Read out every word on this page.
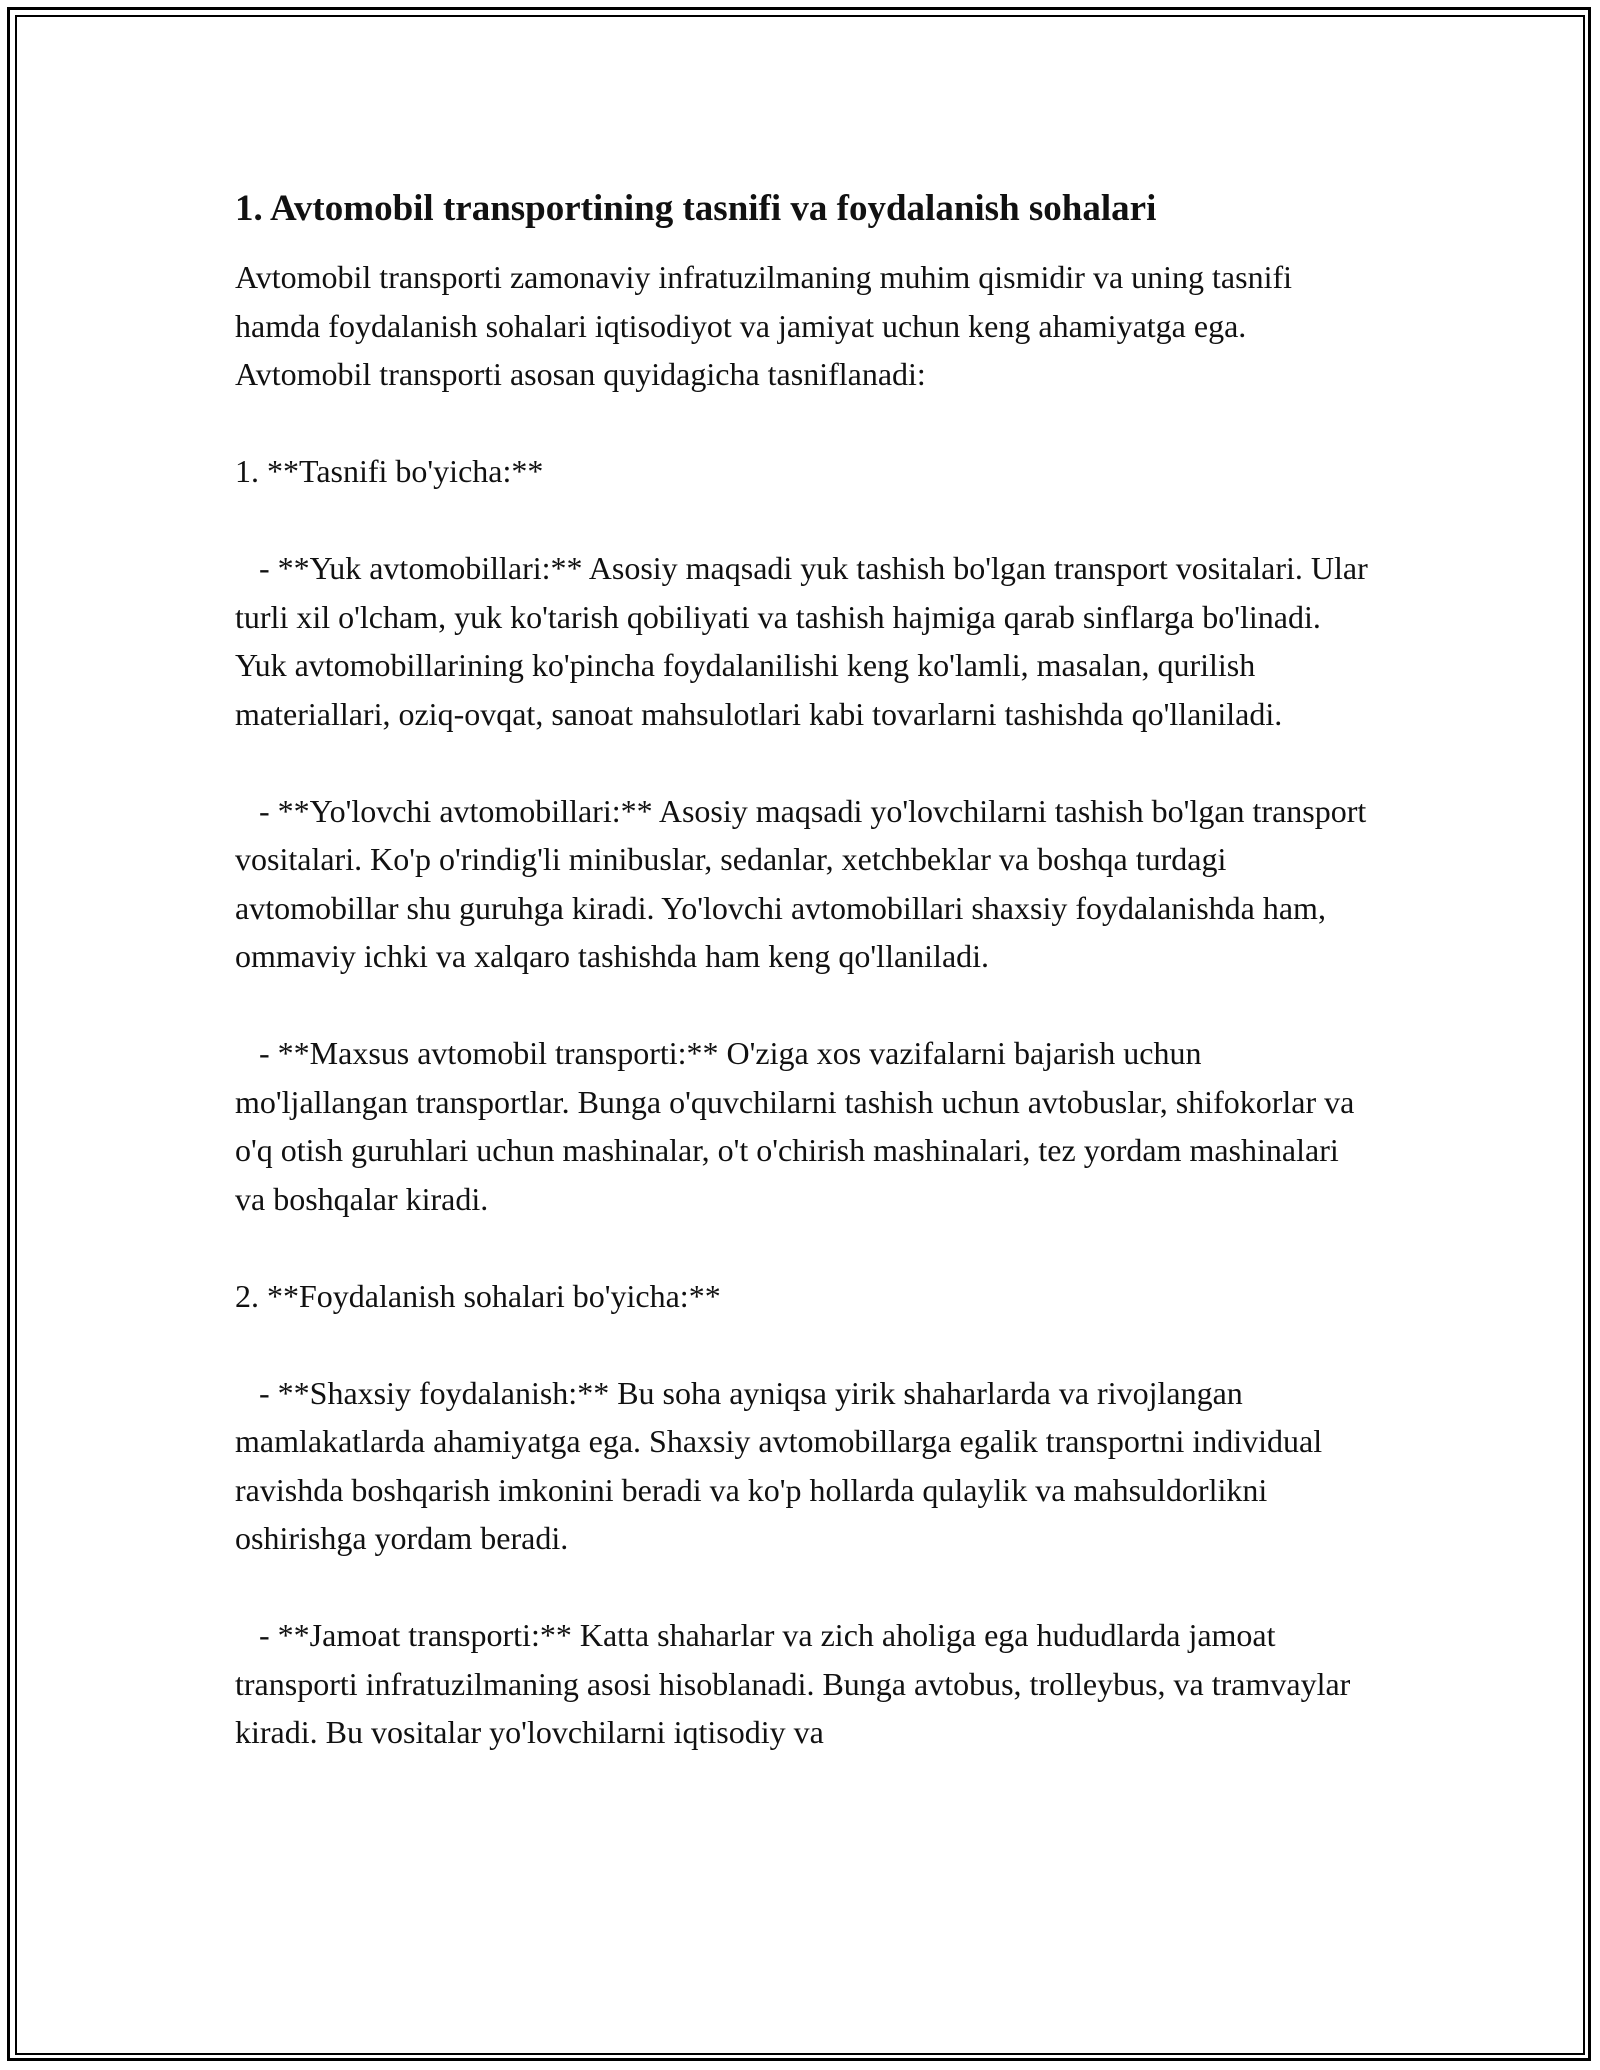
1. Avtomobil transportining tasnifi va foydalanish sohalari

Avtomobil transporti zamonaviy infratuzilmaning muhim qismidir va uning tasnifi hamda foydalanish sohalari iqtisodiyot va jamiyat uchun keng ahamiyatga ega. Avtomobil transporti asosan quyidagicha tasniflanadi:

1. **Tasnifi bo'yicha:**

- **Yuk avtomobillari:** Asosiy maqsadi yuk tashish bo'lgan transport vositalari. Ular turli xil o'lcham, yuk ko'tarish qobiliyati va tashish hajmiga qarab sinflarga bo'linadi. Yuk avtomobillarining ko'pincha foydalanilishi keng ko'lamli, masalan, qurilish materiallari, oziq-ovqat, sanoat mahsulotlari kabi tovarlarni tashishda qo'llaniladi.

- **Yo'lovchi avtomobillari:** Asosiy maqsadi yo'lovchilarni tashish bo'lgan transport vositalari. Ko'p o'rindig'li minibuslar, sedanlar, xetchbeklar va boshqa turdagi avtomobillar shu guruhga kiradi. Yo'lovchi avtomobillari shaxsiy foydalanishda ham, ommaviy ichki va xalqaro tashishda ham keng qo'llaniladi.

- **Maxsus avtomobil transporti:** O'ziga xos vazifalarni bajarish uchun mo'ljallangan transportlar. Bunga o'quvchilarni tashish uchun avtobuslar, shifokorlar va o'q otish guruhlari uchun mashinalar, o't o'chirish mashinalari, tez yordam mashinalari va boshqalar kiradi.

2. **Foydalanish sohalari bo'yicha:**

- **Shaxsiy foydalanish:** Bu soha ayniqsa yirik shaharlarda va rivojlangan mamlakatlarda ahamiyatga ega. Shaxsiy avtomobillarga egalik transportni individual ravishda boshqarish imkonini beradi va ko'p hollarda qulaylik va mahsuldorlikni oshirishga yordam beradi.

- **Jamoat transporti:** Katta shaharlar va zich aholiga ega hududlarda jamoat transporti infratuzilmaning asosi hisoblanadi. Bunga avtobus, trolleybus, va tramvaylar kiradi. Bu vositalar yo'lovchilarni iqtisodiy va
